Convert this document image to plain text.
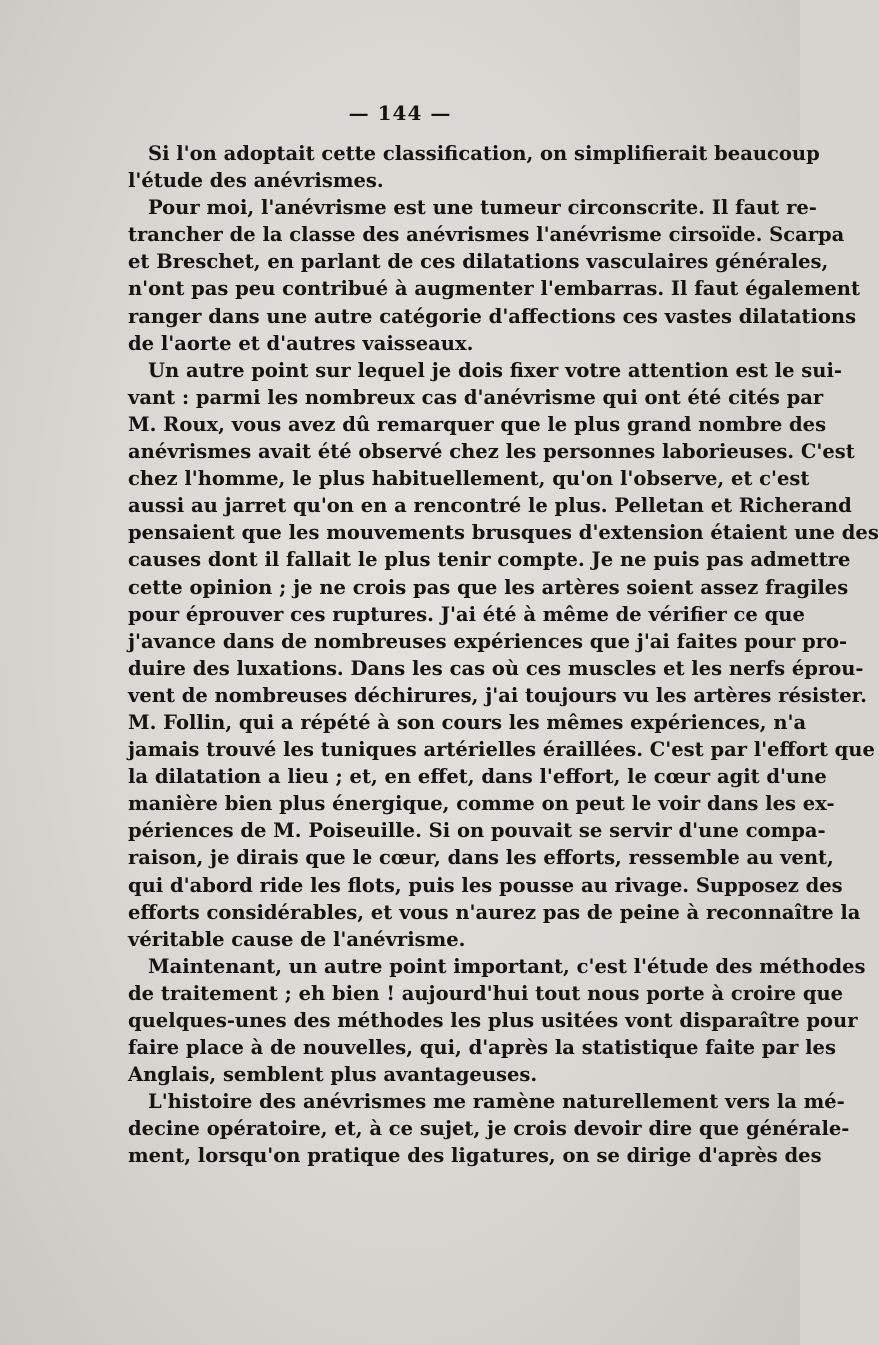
— 144 —
Si l'on adoptait cette classification, on simplifierait beaucoup
l'étude des anévrismes.
Pour moi, l'anévrisme est une tumeur circonscrite. Il faut re-
trancher de la classe des anévrismes l'anévrisme cirsoïde. Scarpa
et Breschet, en parlant de ces dilatations vasculaires générales,
n'ont pas peu contribué à augmenter l'embarras. Il faut également
ranger dans une autre catégorie d'affections ces vastes dilatations
de l'aorte et d'autres vaisseaux.
Un autre point sur lequel je dois fixer votre attention est le sui-
vant : parmi les nombreux cas d'anévrisme qui ont été cités par
M. Roux, vous avez dû remarquer que le plus grand nombre des
anévrismes avait été observé chez les personnes laborieuses. C'est
chez l'homme, le plus habituellement, qu'on l'observe, et c'est
aussi au jarret qu'on en a rencontré le plus. Pelletan et Richerand
pensaient que les mouvements brusques d'extension étaient une des
causes dont il fallait le plus tenir compte. Je ne puis pas admettre
cette opinion ; je ne crois pas que les artères soient assez fragiles
pour éprouver ces ruptures. J'ai été à même de vérifier ce que
j'avance dans de nombreuses expériences que j'ai faites pour pro-
duire des luxations. Dans les cas où ces muscles et les nerfs éprou-
vent de nombreuses déchirures, j'ai toujours vu les artères résister.
M. Follin, qui a répété à son cours les mêmes expériences, n'a
jamais trouvé les tuniques artérielles éraillées. C'est par l'effort que
la dilatation a lieu ; et, en effet, dans l'effort, le cœur agit d'une
manière bien plus énergique, comme on peut le voir dans les ex-
périences de M. Poiseuille. Si on pouvait se servir d'une compa-
raison, je dirais que le cœur, dans les efforts, ressemble au vent,
qui d'abord ride les flots, puis les pousse au rivage. Supposez des
efforts considérables, et vous n'aurez pas de peine à reconnaître la
véritable cause de l'anévrisme.
Maintenant, un autre point important, c'est l'étude des méthodes
de traitement ; eh bien ! aujourd'hui tout nous porte à croire que
quelques-unes des méthodes les plus usitées vont disparaître pour
faire place à de nouvelles, qui, d'après la statistique faite par les
Anglais, semblent plus avantageuses.
L'histoire des anévrismes me ramène naturellement vers la mé-
decine opératoire, et, à ce sujet, je crois devoir dire que générale-
ment, lorsqu'on pratique des ligatures, on se dirige d'après des
